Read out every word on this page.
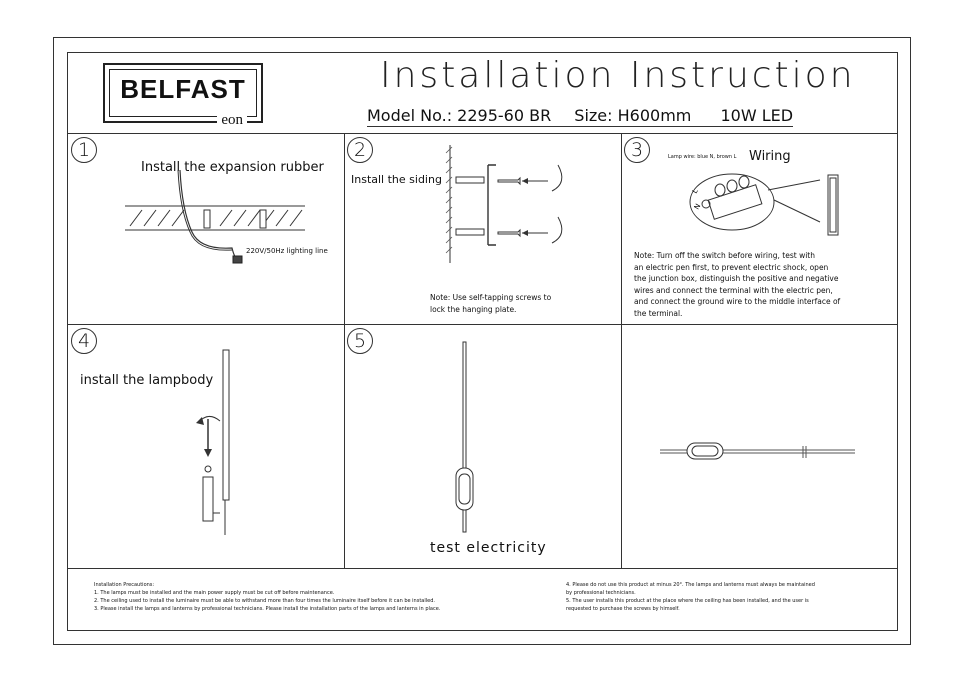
BELFAST
eon
Installation Instruction
Model No.: 2295-60 BR Size: H600mm 10W LED
1
Install the expansion rubber
220V/50Hz lighting line
2
Install the siding
Note: Use self-tapping screws to
lock the hanging plate.
3	Lamp wire: blue N, brown L Wiring
L
N
Note: Turn off the switch before wiring, test with
an electric pen first, to prevent electric shock, open
the junction box, distinguish the positive and negative
wires and connect the terminal with the electric pen,
and connect the ground wire to the middle interface of
the terminal.
4
install the lampbody
5
test electricity
Installation Precautions:
1. The lamps must be installed and the main power supply must be cut off before maintenance.
2. The ceiling used to install the luminaire must be able to withstand more than four times the luminaire itself before it can be installed.
3. Please install the lamps and lanterns by professional technicians. Please install the installation parts of the lamps and lanterns in place.
4. Please do not use this product at minus 20°. The lamps and lanterns must always be maintained
by professional technicians.
5. The user installs this product at the place where the ceiling has been installed, and the user is
requested to purchase the screws by himself.
